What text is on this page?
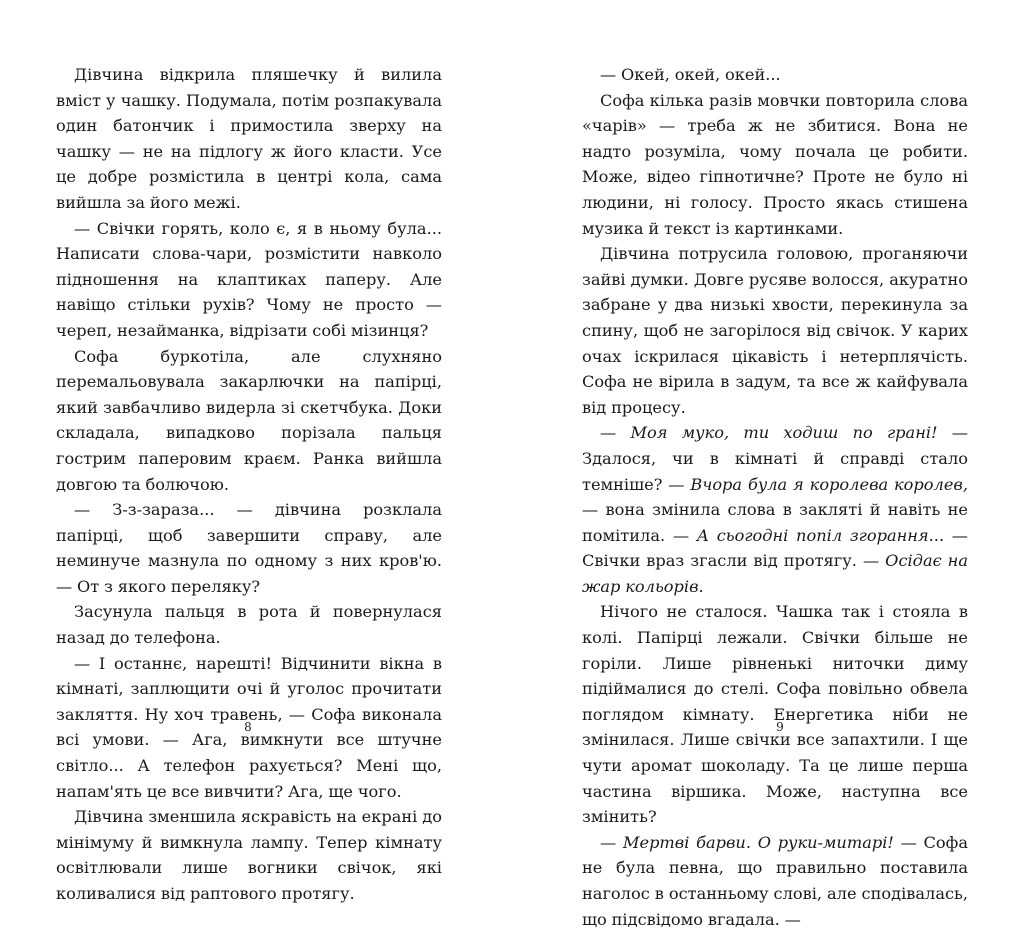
Дівчина відкрила пляшечку й вилила вміст у чашку. Подумала, потім розпакувала один батончик і примостила зверху на чашку — не на підлогу ж його класти. Усе це добре розмістила в центрі кола, сама вийшла за його межі.

— Свічки горять, коло є, я в ньому була... Написати слова-чари, розмістити навколо підношення на клаптиках паперу. Але навіщо стільки рухів? Чому не просто — череп, незайманка, відрізати собі мізинця?

Софа буркотіла, але слухняно перемальовувала закарлючки на папірці, який завбачливо видерла зі скетчбука. Доки складала, випадково порізала пальця гострим паперовим краєм. Ранка вийшла довгою та болючою.

— З-з-зараза... — дівчина розклала папірці, щоб завершити справу, але неминуче мазнула по одному з них кров'ю. — От з якого переляку?

Засунула пальця в рота й повернулася назад до телефона.

— І останнє, нарешті! Відчинити вікна в кімнаті, заплющити очі й уголос прочитати закляття. Ну хоч травень, — Софа виконала всі умови. — Ага, вимкнути все штучне світло... А телефон рахується? Мені що, напам'ять це все вивчити? Ага, ще чого.

Дівчина зменшила яскравість на екрані до мінімуму й вимкнула лампу. Тепер кімнату освітлювали лише вогники свічок, які коливалися від раптового протягу.

8

— Окей, окей, окей...

Софа кілька разів мовчки повторила слова «чарів» — треба ж не збитися. Вона не надто розуміла, чому почала це робити. Може, відео гіпнотичне? Проте не було ні людини, ні голосу. Просто якась стишена музика й текст із картинками.

Дівчина потрусила головою, проганяючи зайві думки. Довге русяве волосся, акуратно забране у два низькі хвости, перекинула за спину, щоб не загорілося від свічок. У карих очах іскрилася цікавість і нетерплячість. Софа не вірила в задум, та все ж кайфувала від процесу.

— Моя муко, ти ходиш по грані! — Здалося, чи в кімнаті й справді стало темніше? — Вчора була я королева королев, — вона змінила слова в закляті й навіть не помітила. — А сьогодні попіл згорання... — Свічки враз згасли від протягу. — Осідає на жар кольорів.

Нічого не сталося. Чашка так і стояла в колі. Папірці лежали. Свічки більше не горіли. Лише рівненькі ниточки диму підіймалися до стелі. Софа повільно обвела поглядом кімнату. Енергетика ніби не змінилася. Лише свічки все запахтили. І ще чути аромат шоколаду. Та це лише перша частина віршика. Може, наступна все змінить?

— Мертві барви. О руки-митарі! — Софа не була певна, що правильно поставила наголос в останньому слові, але сподівалась, що підсвідомо вгадала. —

9
